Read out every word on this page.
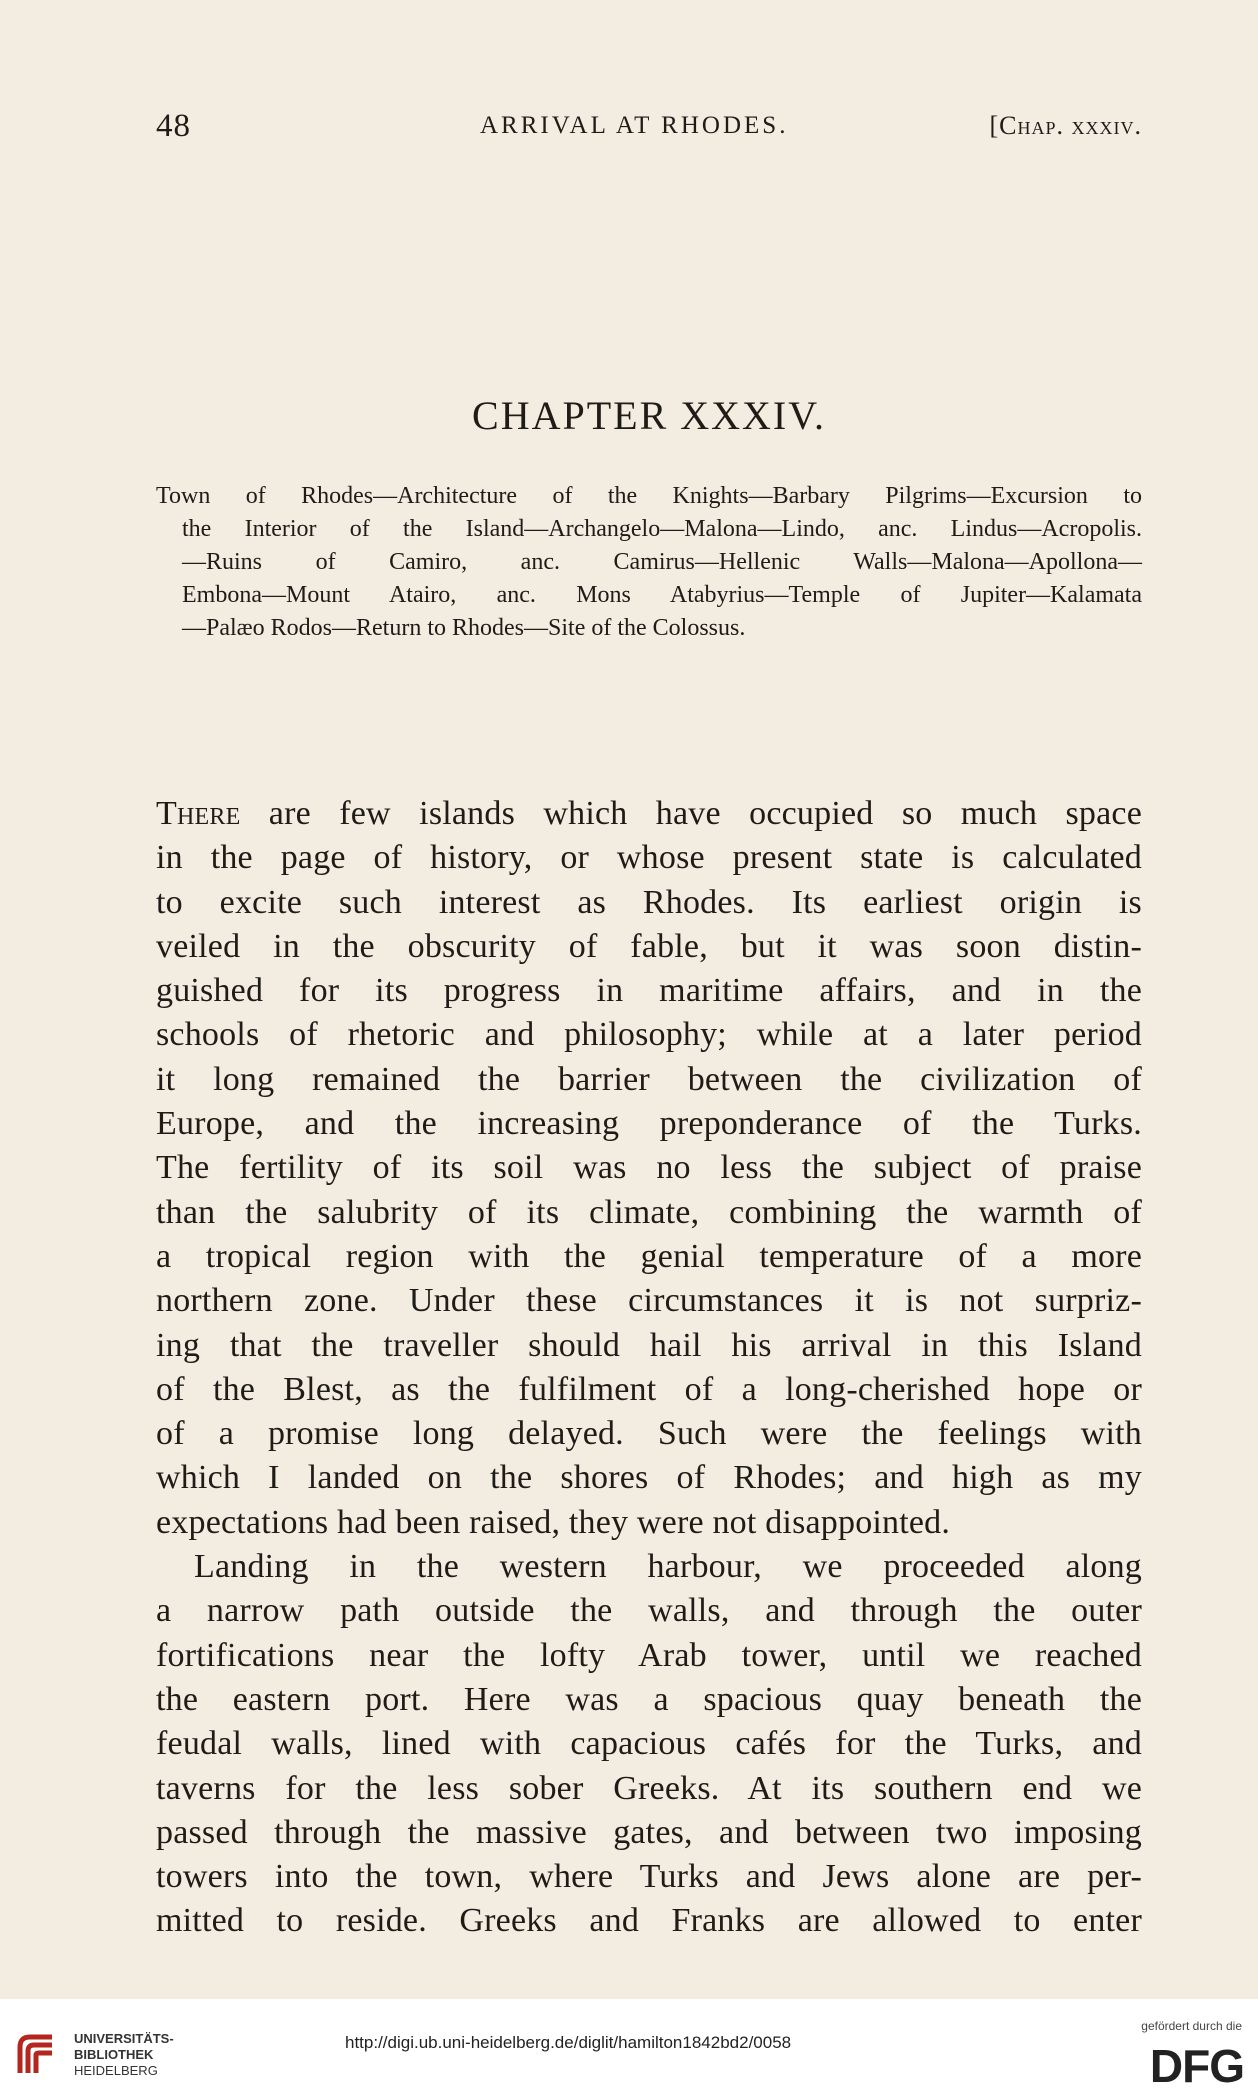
48	ARRIVAL AT RHODES.	[Chap. xxxiv.
CHAPTER XXXIV.
Town of Rhodes—Architecture of the Knights—Barbary Pilgrims—Excursion to
the Interior of the Island—Archangelo—Malona—Lindo, anc. Lindus—Acropolis.
—Ruins of Camiro, anc. Camirus—Hellenic Walls—Malona—Apollona—
Embona—Mount Atairo, anc. Mons Atabyrius—Temple of Jupiter—Kalamata
—Palæo Rodos—Return to Rhodes—Site of the Colossus.
There are few islands which have occupied so much space
in the page of history, or whose present state is calculated
to excite such interest as Rhodes. Its earliest origin is
veiled in the obscurity of fable, but it was soon distin-
guished for its progress in maritime affairs, and in the
schools of rhetoric and philosophy; while at a later period
it long remained the barrier between the civilization of
Europe, and the increasing preponderance of the Turks.
The fertility of its soil was no less the subject of praise
than the salubrity of its climate, combining the warmth of
a tropical region with the genial temperature of a more
northern zone. Under these circumstances it is not surpriz-
ing that the traveller should hail his arrival in this Island
of the Blest, as the fulfilment of a long-cherished hope or
of a promise long delayed. Such were the feelings with
which I landed on the shores of Rhodes; and high as my
expectations had been raised, they were not disappointed.
Landing in the western harbour, we proceeded along
a narrow path outside the walls, and through the outer
fortifications near the lofty Arab tower, until we reached
the eastern port. Here was a spacious quay beneath the
feudal walls, lined with capacious cafés for the Turks, and
taverns for the less sober Greeks. At its southern end we
passed through the massive gates, and between two imposing
towers into the town, where Turks and Jews alone are per-
mitted to reside. Greeks and Franks are allowed to enter
UNIVERSITÄTS-
BIBLIOTHEK
HEIDELBERG
http://digi.ub.uni-heidelberg.de/diglit/hamilton1842bd2/0058
gefördert durch die
DFG
